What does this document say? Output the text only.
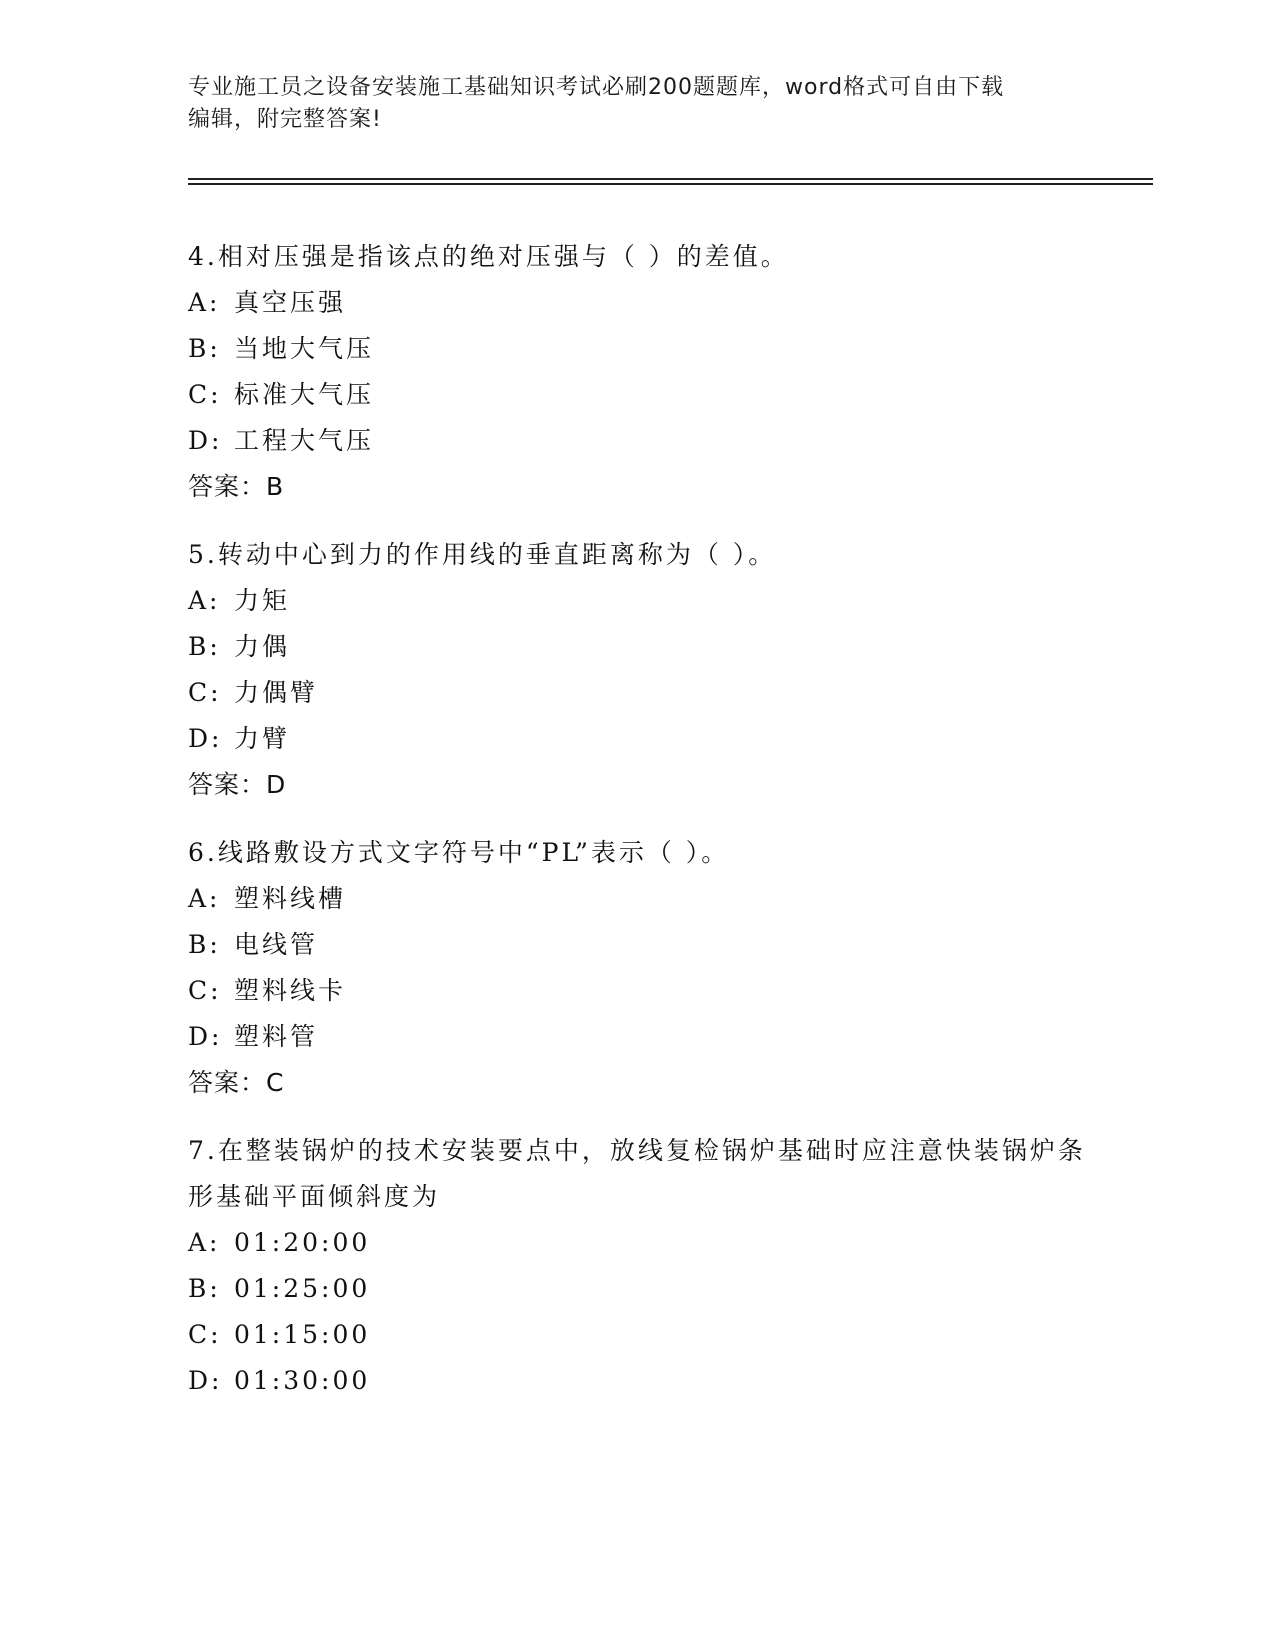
专业施工员之设备安装施工基础知识考试必刷200题题库，word格式可自由下载
编辑，附完整答案!

4.相对压强是指该点的绝对压强与（ ）的差值。

A: 真空压强

B: 当地大气压

C: 标准大气压

D: 工程大气压

答案：B

5.转动中心到力的作用线的垂直距离称为（ ）。

A: 力矩

B: 力偶

C: 力偶臂

D: 力臂

答案：D

6.线路敷设方式文字符号中“PL”表示（ ）。

A: 塑料线槽

B: 电线管

C: 塑料线卡

D: 塑料管

答案：C

7.在整装锅炉的技术安装要点中，放线复检锅炉基础时应注意快装锅炉条形基础平面倾斜度为

A: 01:20:00

B: 01:25:00

C: 01:15:00

D: 01:30:00
